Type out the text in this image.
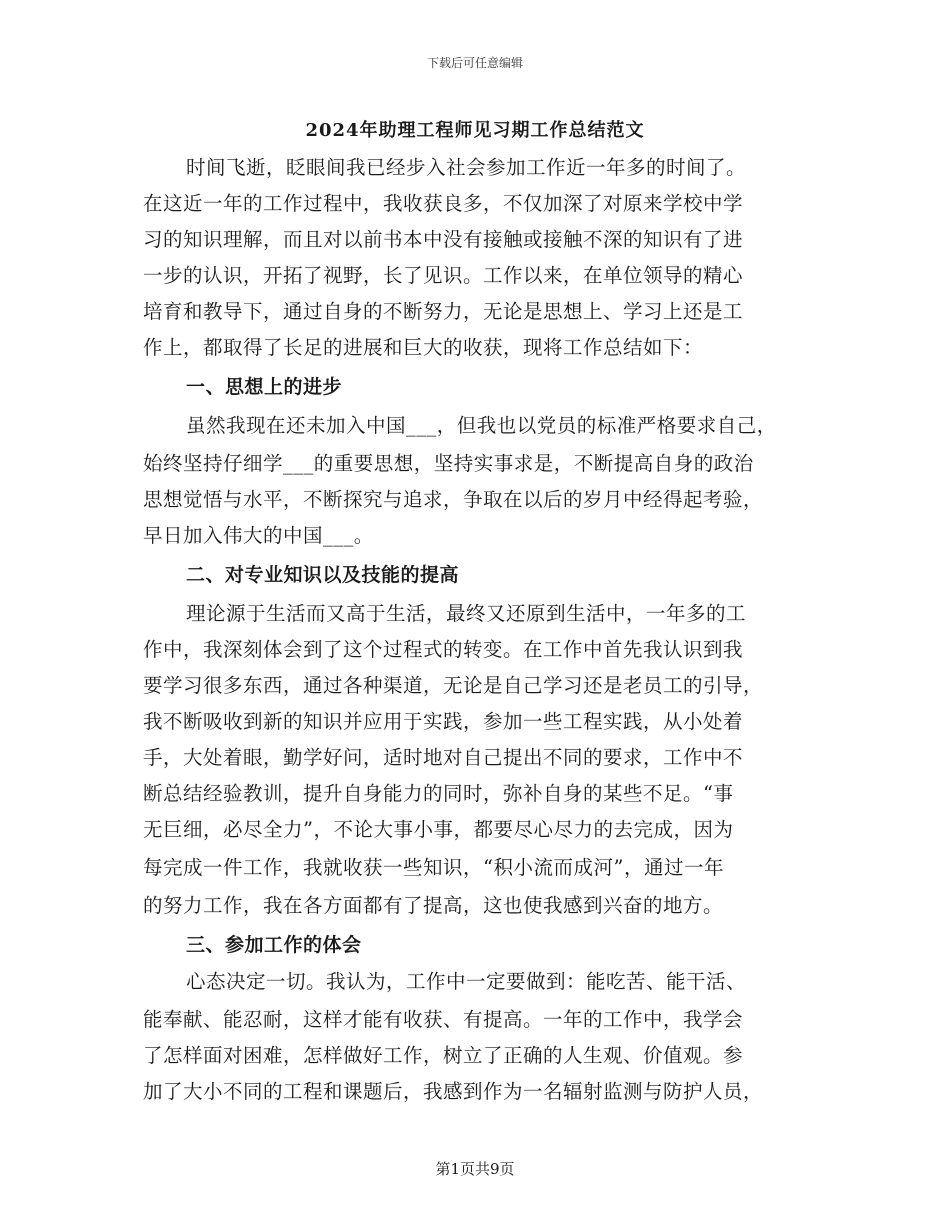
下载后可任意编辑
2024年助理工程师见习期工作总结范文
时间飞逝，眨眼间我已经步入社会参加工作近一年多的时间了。
在这近一年的工作过程中，我收获良多，不仅加深了对原来学校中学
习的知识理解，而且对以前书本中没有接触或接触不深的知识有了进
一步的认识，开拓了视野，长了见识。工作以来，在单位领导的精心
培育和教导下，通过自身的不断努力，无论是思想上、学习上还是工
作上，都取得了长足的进展和巨大的收获，现将工作总结如下：
一、思想上的进步
虽然我现在还未加入中国___，但我也以党员的标准严格要求自己，
始终坚持仔细学___的重要思想，坚持实事求是，不断提高自身的政治
思想觉悟与水平，不断探究与追求，争取在以后的岁月中经得起考验，
早日加入伟大的中国___。
二、对专业知识以及技能的提高
理论源于生活而又高于生活，最终又还原到生活中，一年多的工
作中，我深刻体会到了这个过程式的转变。在工作中首先我认识到我
要学习很多东西，通过各种渠道，无论是自己学习还是老员工的引导，
我不断吸收到新的知识并应用于实践，参加一些工程实践，从小处着
手，大处着眼，勤学好问，适时地对自己提出不同的要求，工作中不
断总结经验教训，提升自身能力的同时，弥补自身的某些不足。“事
无巨细，必尽全力”，不论大事小事，都要尽心尽力的去完成，因为
每完成一件工作，我就收获一些知识，“积小流而成河”，通过一年
的努力工作，我在各方面都有了提高，这也使我感到兴奋的地方。
三、参加工作的体会
心态决定一切。我认为，工作中一定要做到：能吃苦、能干活、
能奉献、能忍耐，这样才能有收获、有提高。一年的工作中，我学会
了怎样面对困难，怎样做好工作，树立了正确的人生观、价值观。参
加了大小不同的工程和课题后，我感到作为一名辐射监测与防护人员，
第1页共9页
